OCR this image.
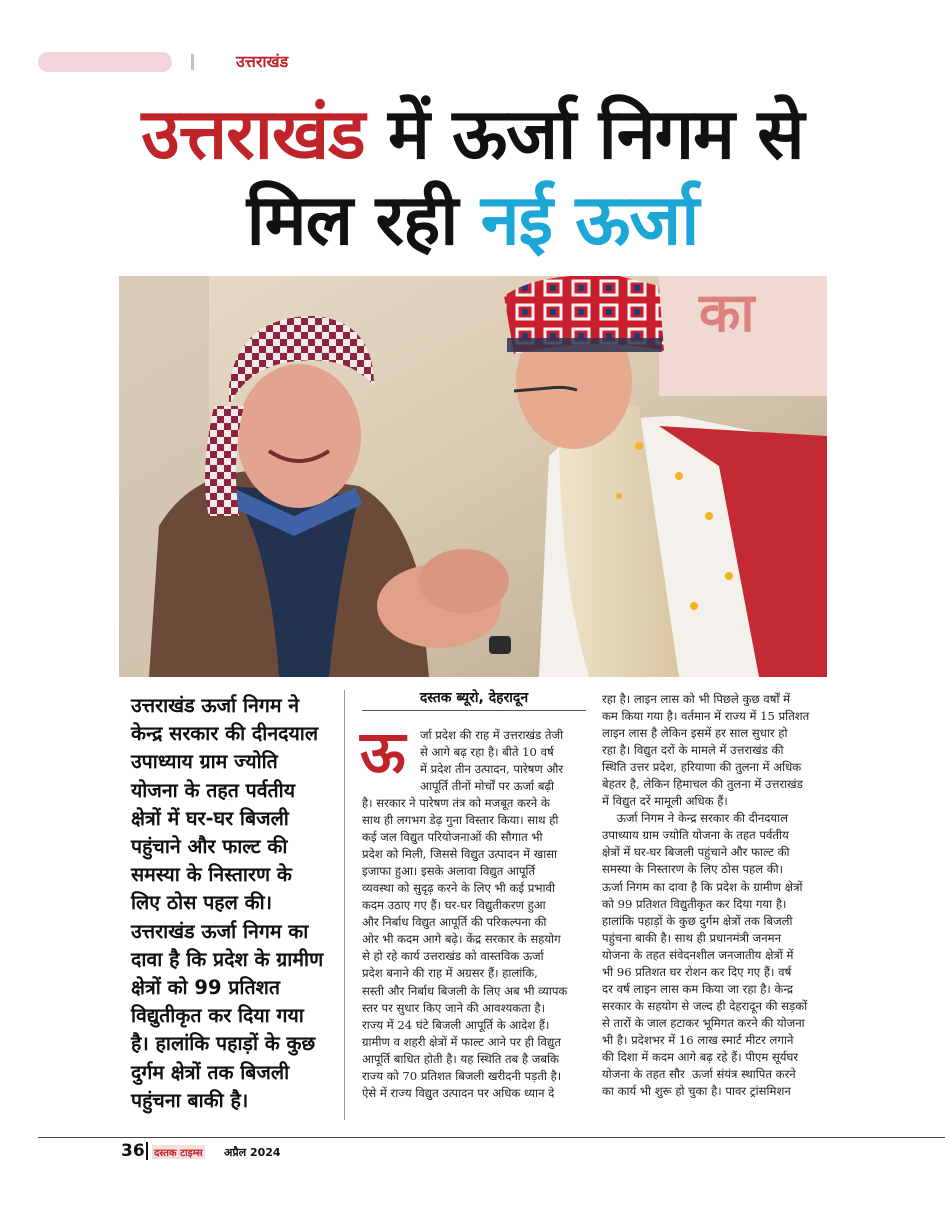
उत्तराखंड
उत्तराखंड में ऊर्जा निगम से
मिल रही नई ऊर्जा
का
उत्तराखंड ऊर्जा निगम ने
केन्द्र सरकार की दीनदयाल
उपाध्याय ग्राम ज्योति
योजना के तहत पर्वतीय
क्षेत्रों में घर-घर बिजली
पहुंचाने और फाल्ट की
समस्या के निस्तारण के
लिए ठोस पहल की।
उत्तराखंड ऊर्जा निगम का
दावा है कि प्रदेश के ग्रामीण
क्षेत्रों को 99 प्रतिशत
विद्युतीकृत कर दिया गया
है। हालांकि पहाड़ों के कुछ
दुर्गम क्षेत्रों तक बिजली
पहुंचना बाकी है।
दस्तक ब्यूरो, देहरादून
ऊ र्जा प्रदेश की राह में उत्तराखंड तेजी
से आगे बढ़ रहा है। बीते 10 वर्ष
में प्रदेश तीन उत्पादन, पारेषण और
आपूर्ति तीनों मोर्चों पर ऊर्जा बढ़ी
है। सरकार ने पारेषण तंत्र को मजबूत करने के
साथ ही लगभग डेढ़ गुना विस्तार किया। साथ ही
कई जल विद्युत परियोजनाओं की सौगात भी
प्रदेश को मिली, जिससे विद्युत उत्पादन में खासा
इजाफा हुआ। इसके अलावा विद्युत आपूर्ति
व्यवस्था को सुदृढ़ करने के लिए भी कई प्रभावी
कदम उठाए गए हैं। घर-घर विद्युतीकरण हुआ
और निर्बाध विद्युत आपूर्ति की परिकल्पना की
ओर भी कदम आगे बढ़े। केंद्र सरकार के सहयोग
से हो रहे कार्य उत्तराखंड को वास्तविक ऊर्जा
प्रदेश बनाने की राह में अग्रसर हैं। हालांकि,
सस्ती और निर्बाध बिजली के लिए अब भी व्यापक
स्तर पर सुधार किए जाने की आवश्यकता है।
राज्य में 24 घंटे बिजली आपूर्ति के आदेश हैं।
ग्रामीण व शहरी क्षेत्रों में फाल्ट आने पर ही विद्युत
आपूर्ति बाधित होती है। यह स्थिति तब है जबकि
राज्य को 70 प्रतिशत बिजली खरीदनी पड़ती है।
ऐसे में राज्य विद्युत उत्पादन पर अधिक ध्यान दे
रहा है। लाइन लास को भी पिछले कुछ वर्षों में
कम किया गया है। वर्तमान में राज्य में 15 प्रतिशत
लाइन लास है लेकिन इसमें हर साल सुधार हो
रहा है। विद्युत दरों के मामले में उत्तराखंड की
स्थिति उत्तर प्रदेश, हरियाणा की तुलना में अधिक
बेहतर है, लेकिन हिमाचल की तुलना में उत्तराखंड
में विद्युत दरें मामूली अधिक हैं।
ऊर्जा निगम ने केन्द्र सरकार की दीनदयाल
उपाध्याय ग्राम ज्योति योजना के तहत पर्वतीय
क्षेत्रों में घर-घर बिजली पहुंचाने और फाल्ट की
समस्या के निस्तारण के लिए ठोस पहल की।
ऊर्जा निगम का दावा है कि प्रदेश के ग्रामीण क्षेत्रों
को 99 प्रतिशत विद्युतीकृत कर दिया गया है।
हालांकि पहाड़ों के कुछ दुर्गम क्षेत्रों तक बिजली
पहुंचना बाकी है। साथ ही प्रधानमंत्री जनमन
योजना के तहत संवेदनशील जनजातीय क्षेत्रों में
भी 96 प्रतिशत घर रोशन कर दिए गए हैं। वर्ष
दर वर्ष लाइन लास कम किया जा रहा है। केन्द्र
सरकार के सहयोग से जल्द ही देहरादून की सड़कों
से तारों के जाल हटाकर भूमिगत करने की योजना
भी है। प्रदेशभर में 16 लाख स्मार्ट मीटर लगाने
की दिशा में कदम आगे बढ़ रहे हैं। पीएम सूर्यघर
योजना के तहत सौर  ऊर्जा संयंत्र स्थापित करने
का कार्य भी शुरू हो चुका है। पावर ट्रांसमिशन
36 दस्तक टाइम्स अप्रैल 2024
